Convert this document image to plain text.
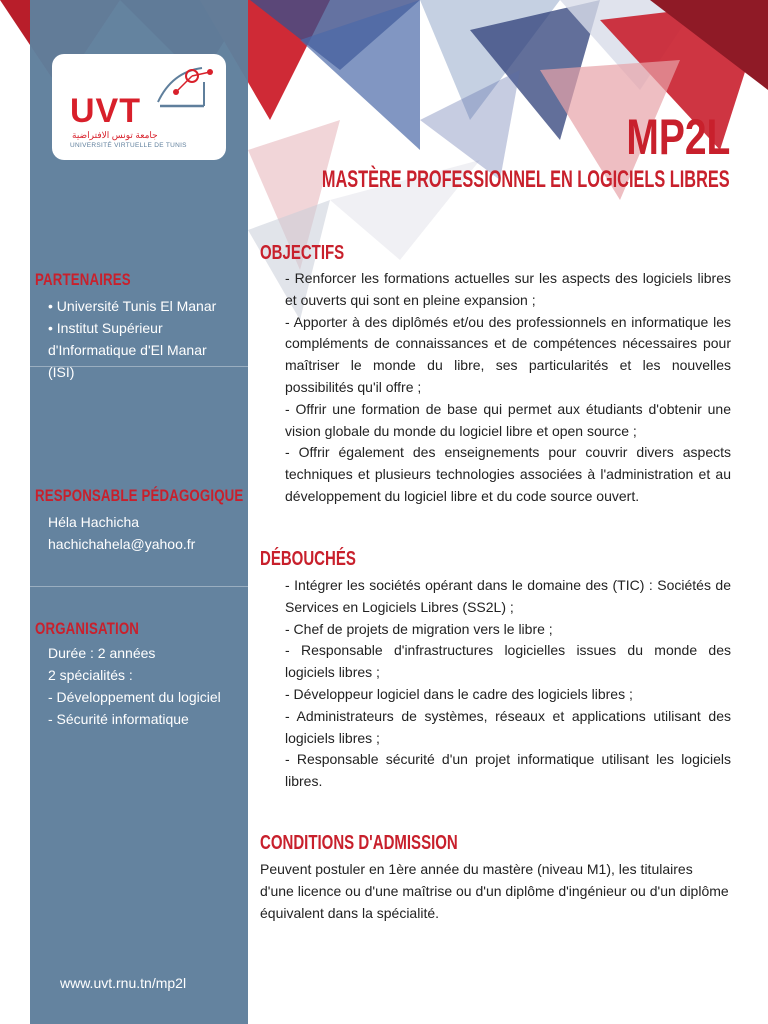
UVT
جامعة تونس الافتراضية
UNIVERSITÉ VIRTUELLE DE TUNIS	MP2L
MASTÈRE PROFESSIONNEL EN LOGICIELS LIBRES
PARTENAIRES
• Université Tunis El Manar
• Institut Supérieur
d'Informatique d'El Manar
(ISI)
RESPONSABLE PÉDAGOGIQUE
Héla Hachicha
hachichahela@yahoo.fr
ORGANISATION
Durée : 2 années
2 spécialités :
- Développement du logiciel
- Sécurité informatique
www.uvt.rnu.tn/mp2l
OBJECTIFS

- Renforcer les formations actuelles sur les aspects des logiciels libres et ouverts qui sont en pleine expansion ;

- Apporter à des diplômés et/ou des professionnels en informatique les compléments de connaissances et de compétences nécessaires pour maîtriser le monde du libre, ses particularités et les nouvelles possibilités qu'il offre ;

- Offrir une formation de base qui permet aux étudiants d'obtenir une vision globale du monde du logiciel libre et open source ;

- Offrir également des enseignements pour couvrir divers aspects techniques et plusieurs technologies associées à l'administration et au développement du logiciel libre et du code source ouvert.

DÉBOUCHÉS

- Intégrer les sociétés opérant dans le domaine des (TIC) : Sociétés de Services en Logiciels Libres (SS2L) ;

- Chef de projets de migration vers le libre ;

- Responsable d'infrastructures logicielles issues du monde des logiciels libres ;

- Développeur logiciel dans le cadre des logiciels libres ;

- Administrateurs de systèmes, réseaux et applications utilisant des logiciels libres ;

- Responsable sécurité d'un projet informatique utilisant les logiciels libres.

CONDITIONS D'ADMISSION
Peuvent postuler en 1ère année du mastère (niveau M1), les titulaires d'une licence ou d'une maîtrise ou d'un diplôme d'ingénieur ou d'un diplôme équivalent dans la spécialité.
